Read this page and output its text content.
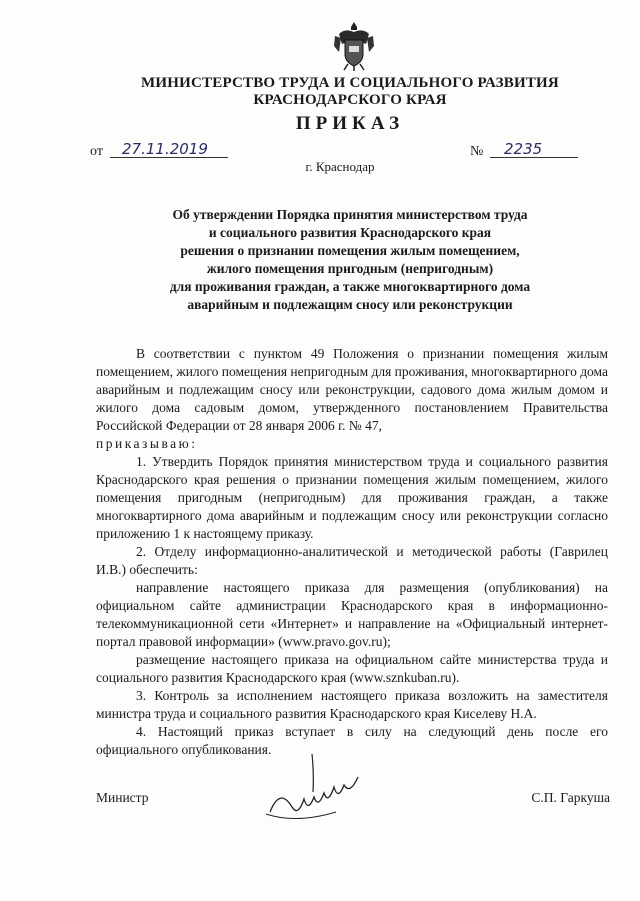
МИНИСТЕРСТВО ТРУДА И СОЦИАЛЬНОГО РАЗВИТИЯ
КРАСНОДАРСКОГО КРАЯ
ПРИКАЗ
от	27.11.2019	№	2235
г. Краснодар
Об утверждении Порядка принятия министерством труда
и социального развития Краснодарского края
решения о признании помещения жилым помещением,
жилого помещения пригодным (непригодным)
для проживания граждан, а также многоквартирного дома
аварийным и подлежащим сносу или реконструкции

В соответствии с пунктом 49 Положения о признании помещения жилым помещением, жилого помещения непригодным для проживания, многоквартирного дома аварийным и подлежащим сносу или реконструкции, садового дома жилым домом и жилого дома садовым домом, утвержденного постановлением Правительства Российской Федерации от 28 января 2006 г. № 47,

приказываю:

1. Утвердить Порядок принятия министерством труда и социального развития Краснодарского края решения о признании помещения жилым помещением, жилого помещения пригодным (непригодным) для проживания граждан, а также многоквартирного дома аварийным и подлежащим сносу или реконструкции согласно приложению 1 к настоящему приказу.

2. Отделу информационно-аналитической и методической работы (Гаврилец И.В.) обеспечить:

направление настоящего приказа для размещения (опубликования) на официальном сайте администрации Краснодарского края в информационно-телекоммуникационной сети «Интернет» и направление на «Официальный интернет-портал правовой информации» (www.pravo.gov.ru);

размещение настоящего приказа на официальном сайте министерства труда и социального развития Краснодарского края (www.sznkuban.ru).

3. Контроль за исполнением настоящего приказа возложить на заместителя министра труда и социального развития Краснодарского края Киселеву Н.А.

4. Настоящий приказ вступает в силу на следующий день после его официального опубликования.

Министр	С.П. Гаркуша
